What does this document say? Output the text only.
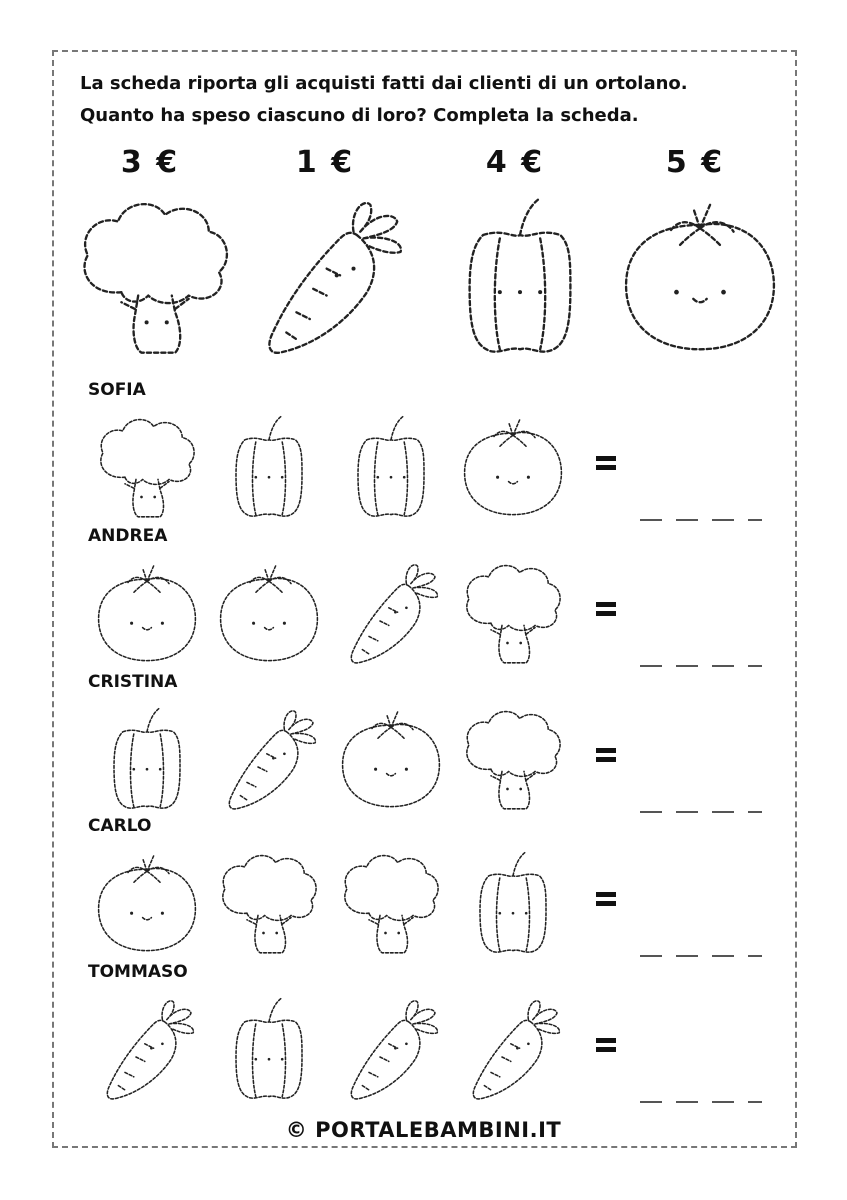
La scheda riporta gli acquisti fatti dai clienti di un ortolano.
Quanto ha speso ciascuno di loro? Completa la scheda.
3 €	1 €	4 €	5 €
SOFIA
ANDREA
CRISTINA
CARLO
TOMMASO
© PORTALEBAMBINI.IT
